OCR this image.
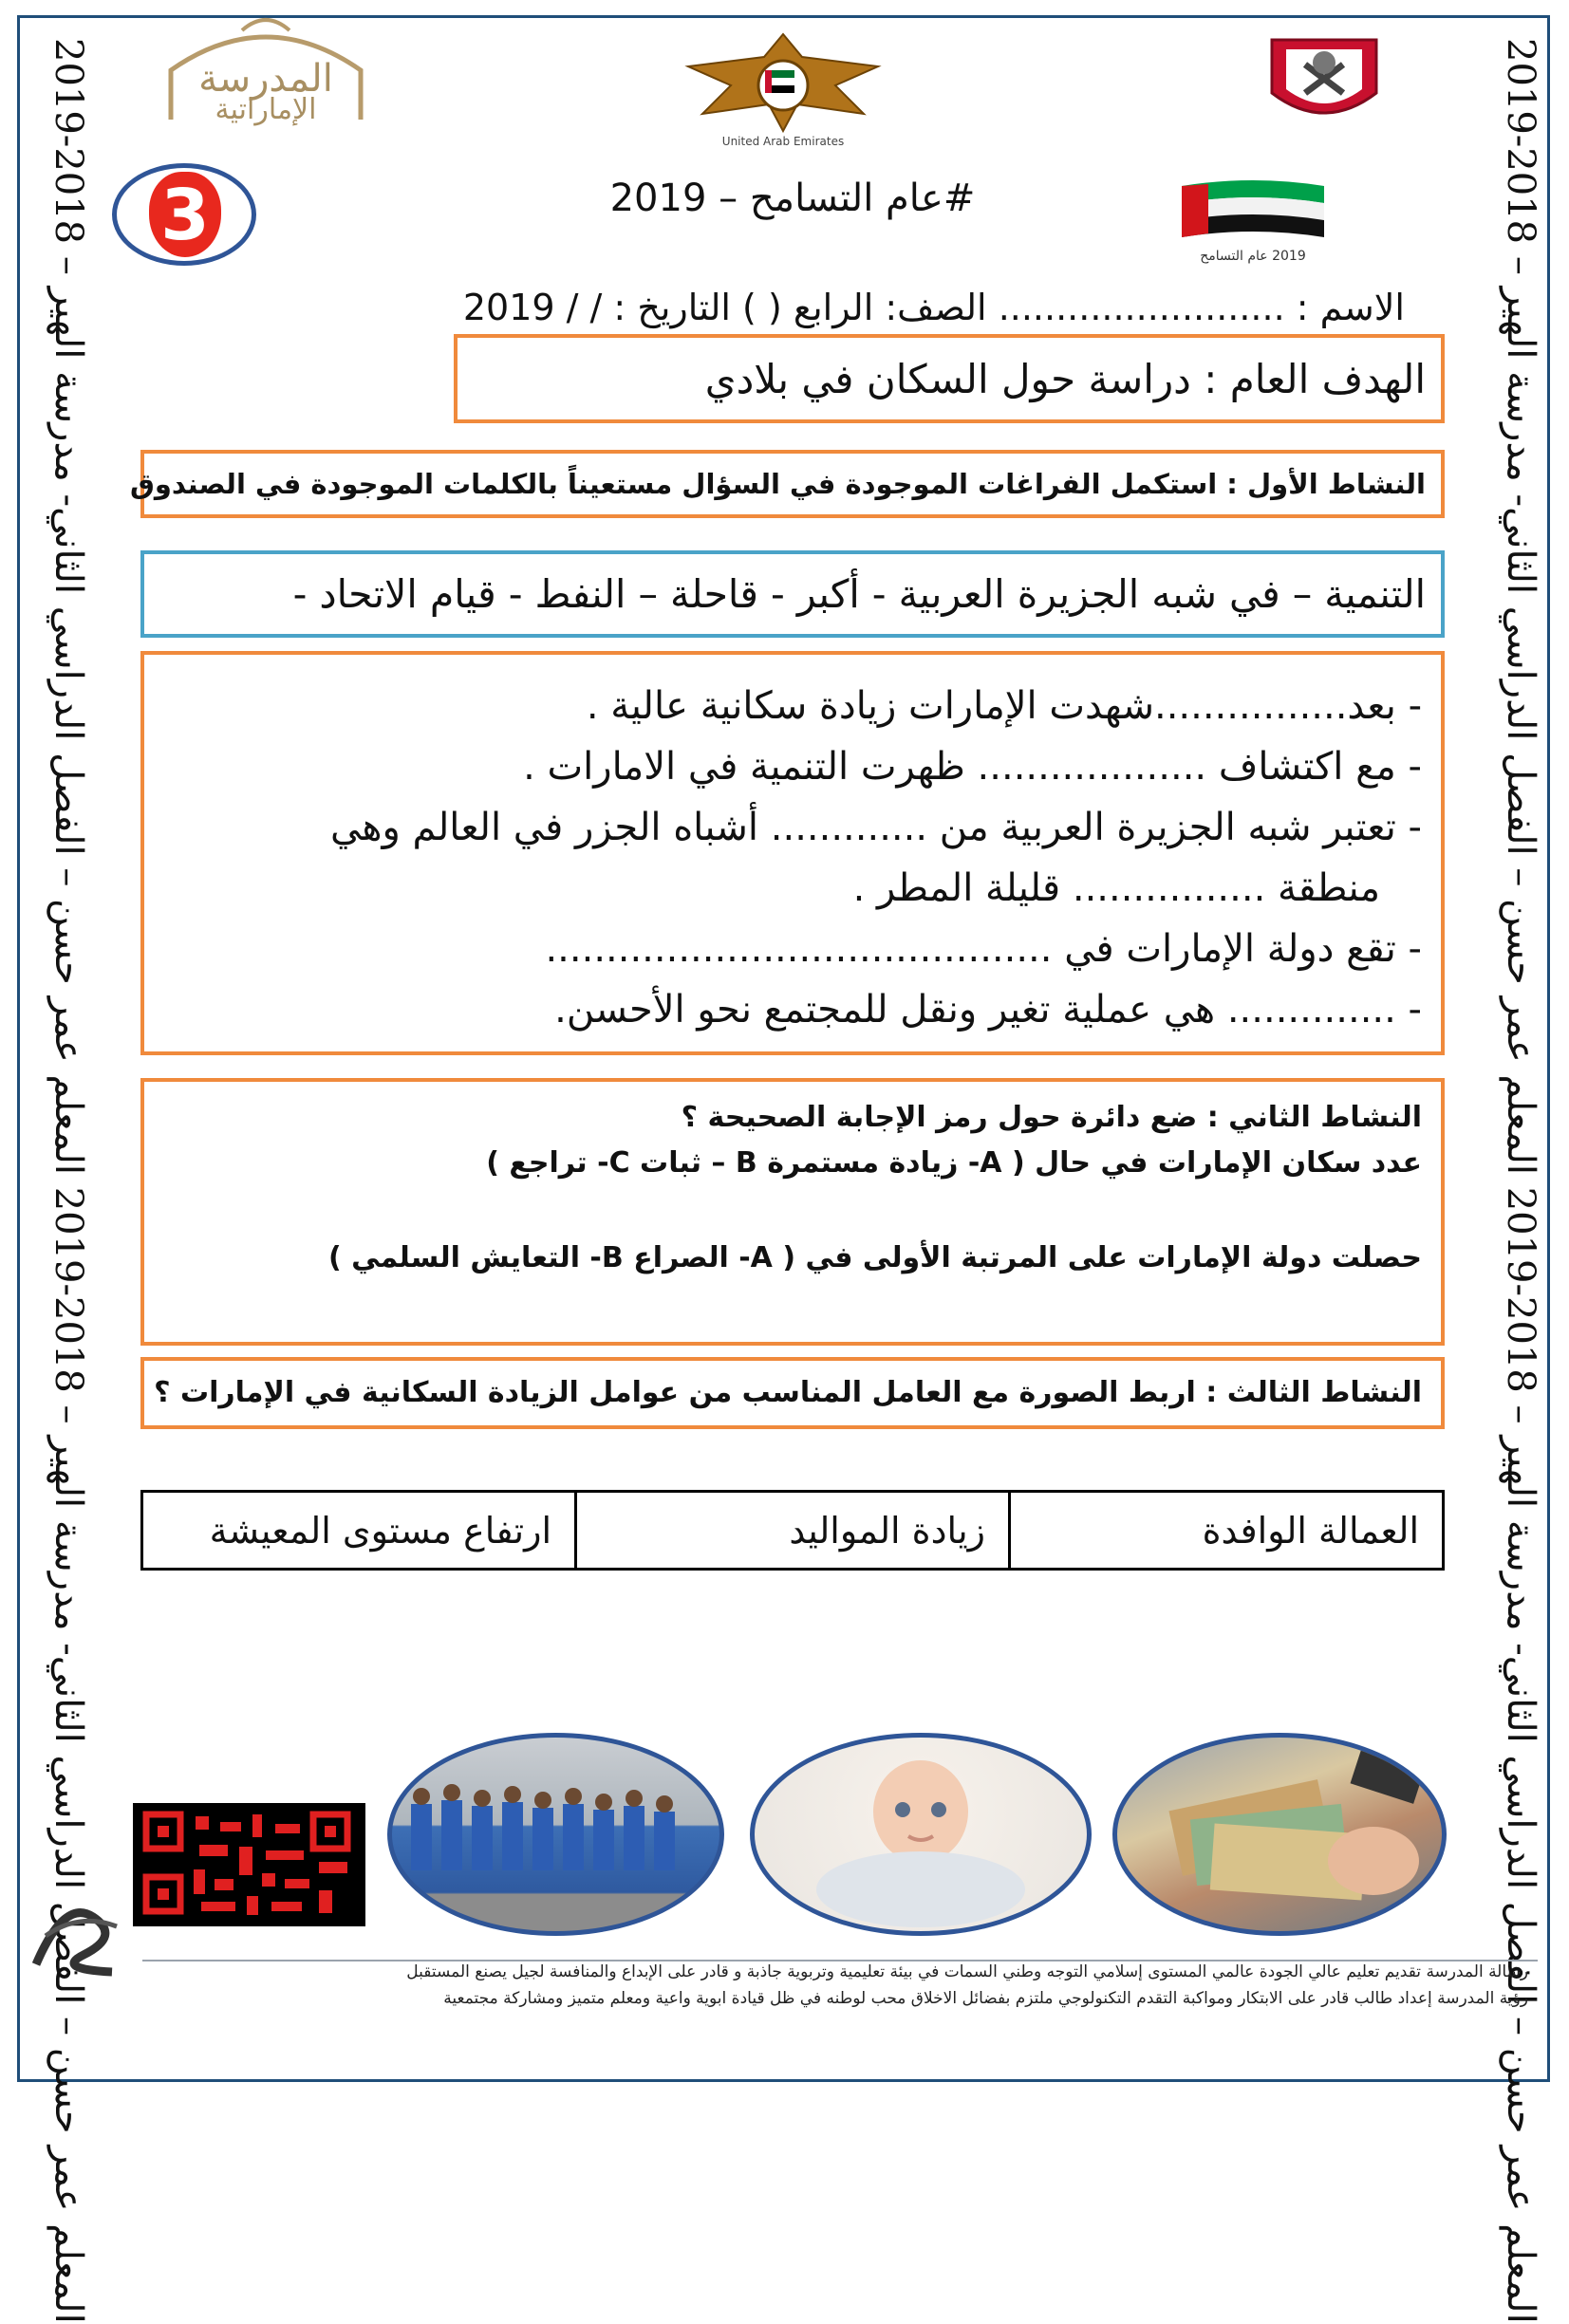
المعلم عمر حسن – الفصل الدراسي الثاني- مدرسة الهير – 2018-2019 المعلم عمر حسن – الفصل الدراسي الثاني- مدرسة الهير – 2018-2019
المعلم عمر حسن – الفصل الدراسي الثاني- مدرسة الهير – 2018-2019 المعلم عمر حسن – الفصل الدراسي الثاني- مدرسة الهير – 2018-2019
المدرسة
الإماراتية
United Arab Emirates
3	#عام التسامح – 2019
2019 عام التسامح
الاسم : ......................... الصف: الرابع ( ) التاريخ : / / 2019
الهدف العام : دراسة حول السكان في بلادي
النشاط الأول : استكمل الفراغات الموجودة في السؤال مستعيناً بالكلمات الموجودة في الصندوق
التنمية – في شبه الجزيرة العربية - أكبر - قاحلة – النفط - قيام الاتحاد -
- بعد................شهدت الإمارات زيادة سكانية عالية .
- مع اكتشاف ................... ظهرت التنمية في الامارات .
- تعتبر شبه الجزيرة العربية من ............. أشباه الجزر في العالم وهي
منطقة ................ قليلة المطر .
- تقع دولة الإمارات في ..........................................
- .............. هي عملية تغير ونقل للمجتمع نحو الأحسن.
النشاط الثاني : ضع دائرة حول رمز الإجابة الصحيحة ؟
عدد سكان الإمارات في حال ( A- زيادة مستمرة B – ثبات C- تراجع )
حصلت دولة الإمارات على المرتبة الأولى في ( A- الصراع B- التعايش السلمي )
النشاط الثالث : اربط الصورة مع العامل المناسب من عوامل الزيادة السكانية في الإمارات ؟
ارتفاع مستوى المعيشة	زيادة المواليد	العمالة الوافدة
رسالة المدرسة تقديم تعليم عالي الجودة عالمي المستوى إسلامي التوجه وطني السمات في بيئة تعليمية وتربوية جاذبة و قادر على الإبداع والمنافسة لجيل يصنع المستقبل
رؤية المدرسة إعداد طالب قادر على الابتكار ومواكبة التقدم التكنولوجي ملتزم بفضائل الاخلاق محب لوطنه في ظل قيادة ابوية واعية ومعلم متميز ومشاركة مجتمعية
